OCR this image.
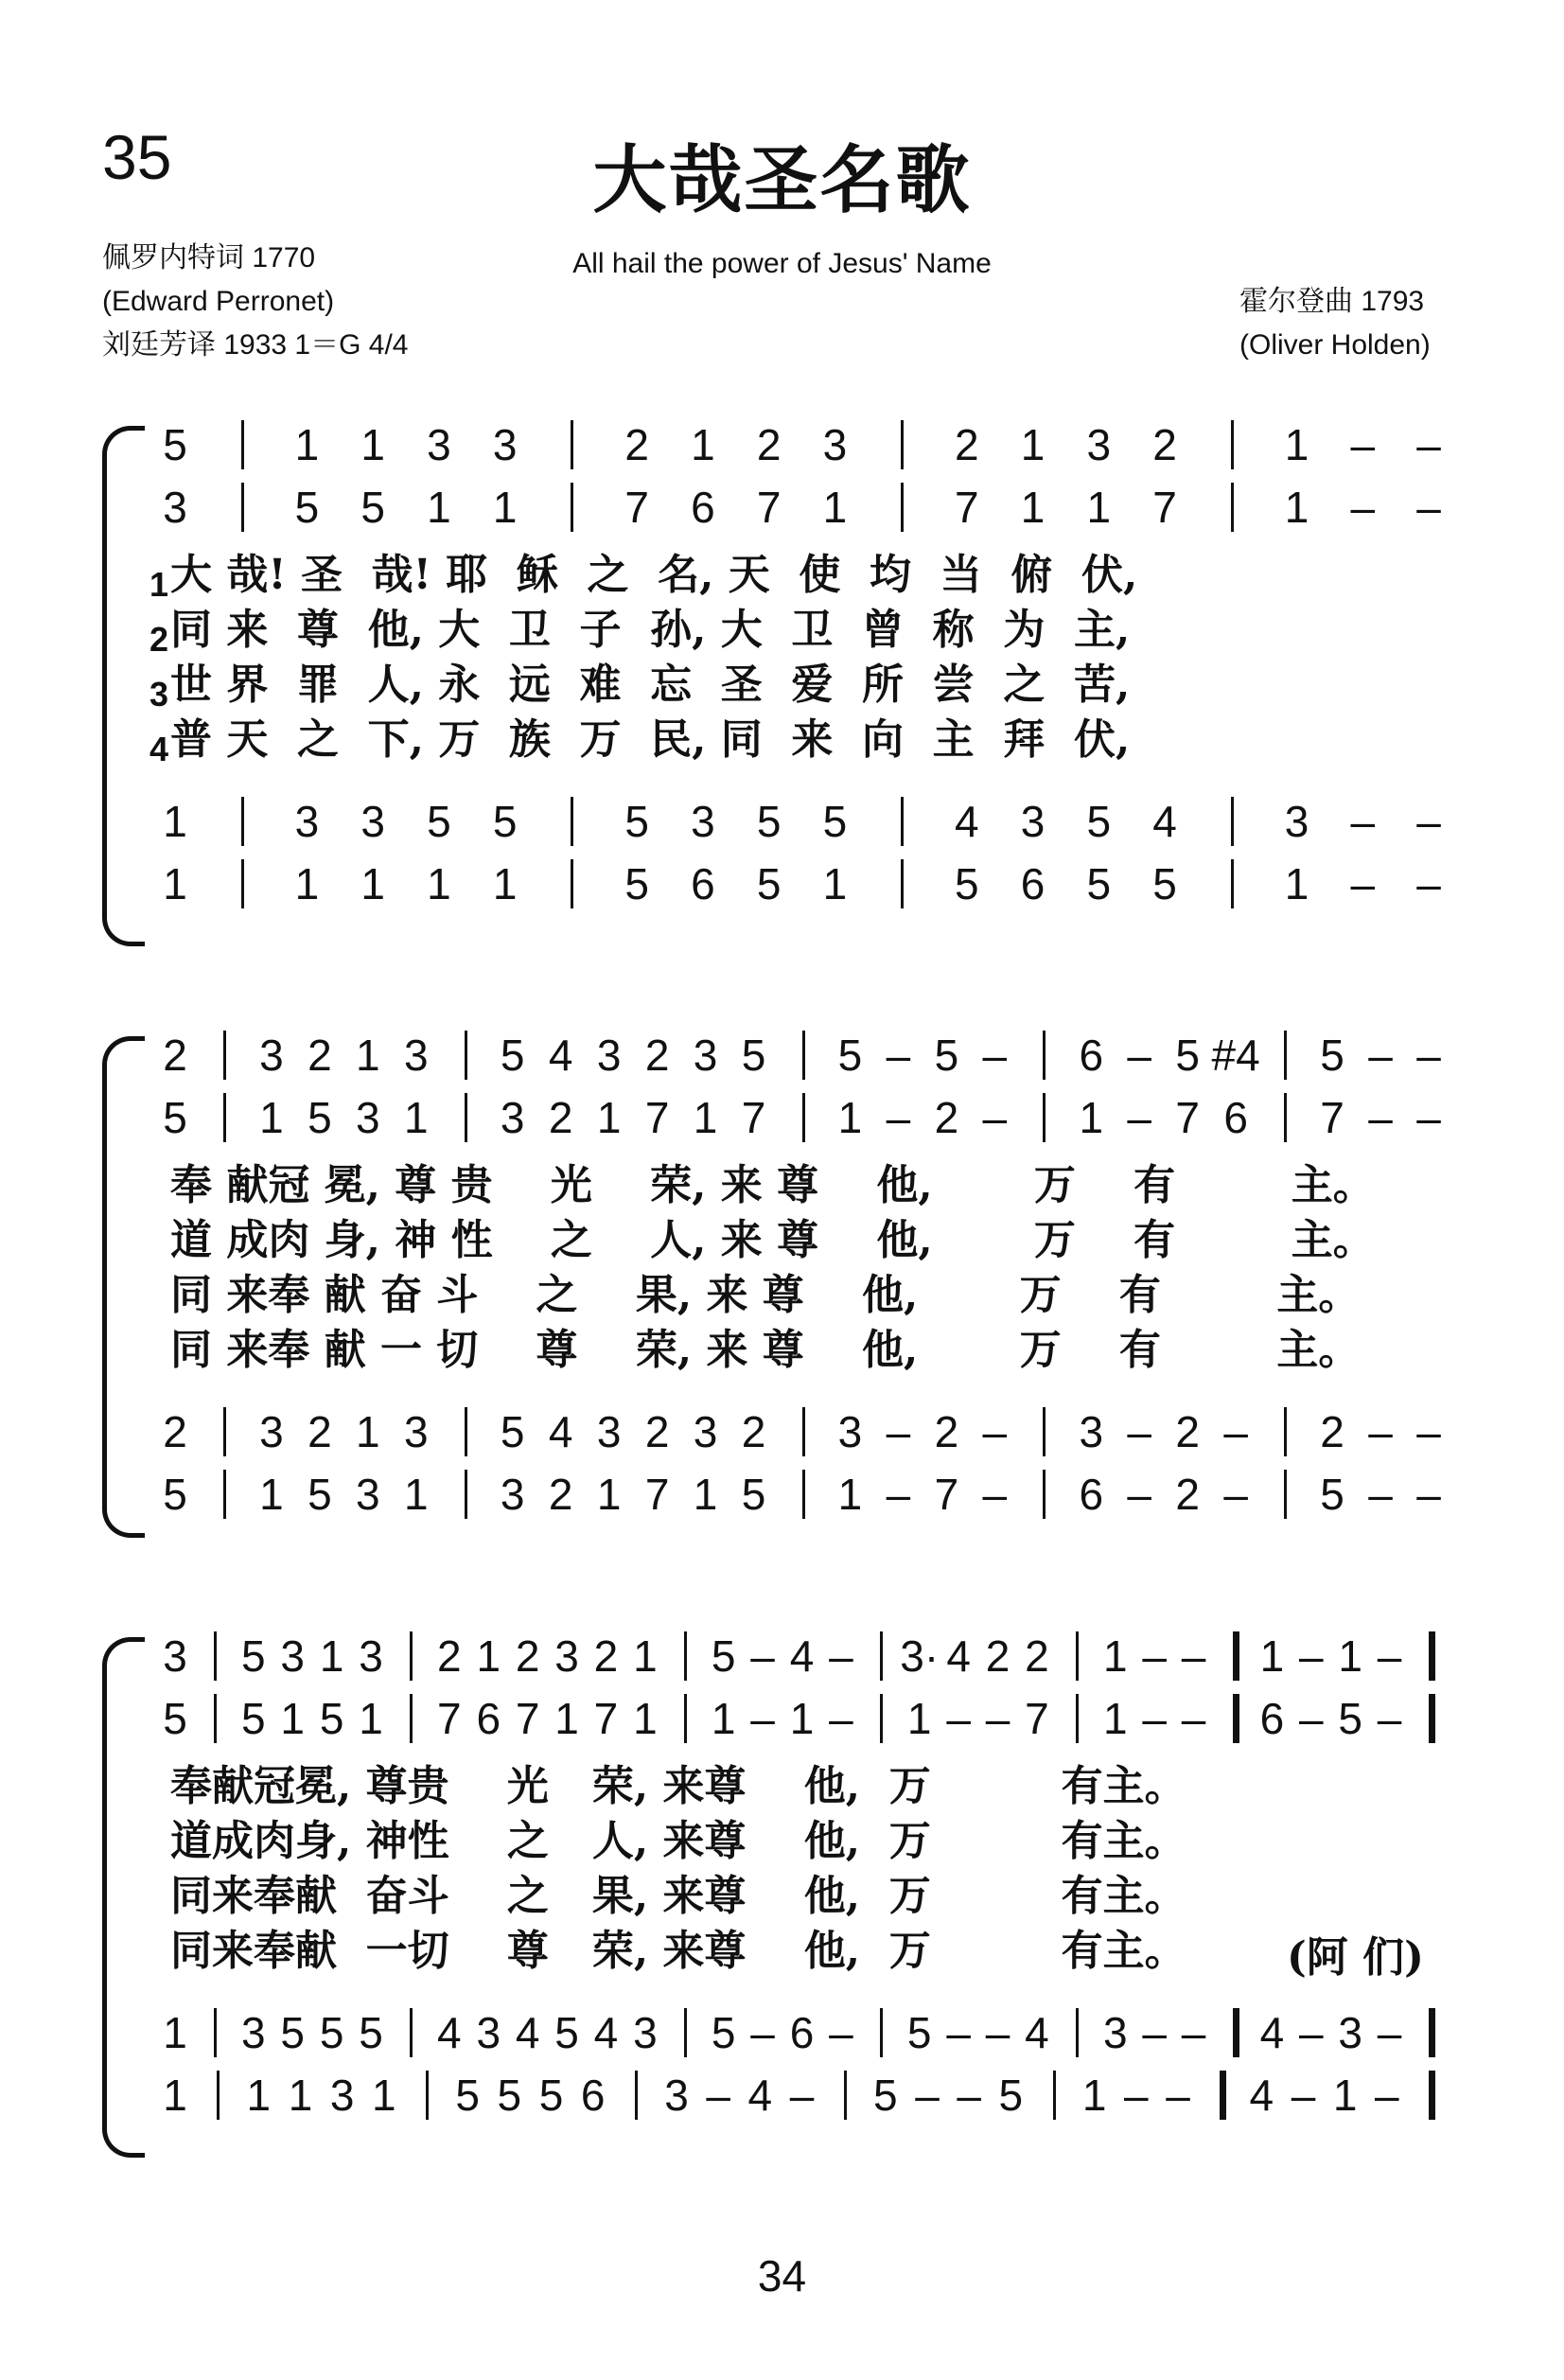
35	大哉圣名歌
All hail the power of Jesus' Name
佩罗内特词 1770
(Edward Perronet)
刘廷芳译 1933 1＝G 4/4
霍尔登曲 1793
(Oliver Holden)
5 1 1 3 3 2 1 2 3 2 1 3 2 1 – –
3 5 5 1 1 7 6 7 1 7 1 1 7 1 – –
1 大 哉! 圣  哉! 耶  稣  之  名, 天  使  均  当  俯  伏,
2 同 来  尊  他, 大  卫  子  孙, 大  卫  曾  称  为  主,
3 世 界  罪  人, 永  远  难  忘  圣  爱  所  尝  之  苦,
4 普 天  之  下, 万  族  万  民, 同  来  向  主  拜  伏,
1 3 3 5 5 5 3 5 5 4 3 5 4 3 – –
1 1 1 1 1 5 6 5 1 5 6 5 5 1 – –
2 3 2 1 3 5 4 3 2 3 5 5 – 5 – 6 – 5 #4 5 – –
5 1 5 3 1 3 2 1 7 1 7 1 – 2 – 1 – 7 6 7 – –
奉 献冠 冕, 尊 贵    光    荣, 来 尊    他,       万    有        主。
道 成肉 身, 神 性    之    人, 来 尊    他,       万    有        主。
同 来奉 献 奋 斗    之    果, 来 尊    他,       万    有        主。
同 来奉 献 一 切    尊    荣, 来 尊    他,       万    有        主。
2 3 2 1 3 5 4 3 2 3 2 3 – 2 – 3 – 2 – 2 – –
5 1 5 3 1 3 2 1 7 1 5 1 – 7 – 6 – 2 – 5 – –
3 5 3 1 3 2 1 2 3 2 1 5 – 4 – 3· 4 2 2 1 – – 1 – 1 –
5 5 1 5 1 7 6 7 1 7 1 1 – 1 – 1 – – 7 1 – – 6 – 5 –
奉献冠冕, 尊贵    光   荣, 来尊    他,  万         有主。
道成肉身, 神性    之   人, 来尊    他,  万         有主。
同来奉献  奋斗    之   果, 来尊    他,  万         有主。
同来奉献  一切    尊   荣, 来尊    他,  万         有主。 (阿 们)
1 3 5 5 5 4 3 4 5 4 3 5 – 6 – 5 – – 4 3 – – 4 – 3 –
1 1 1 3 1 5 5 5 6 3 – 4 – 5 – – 5 1 – – 4 – 1 –
34
